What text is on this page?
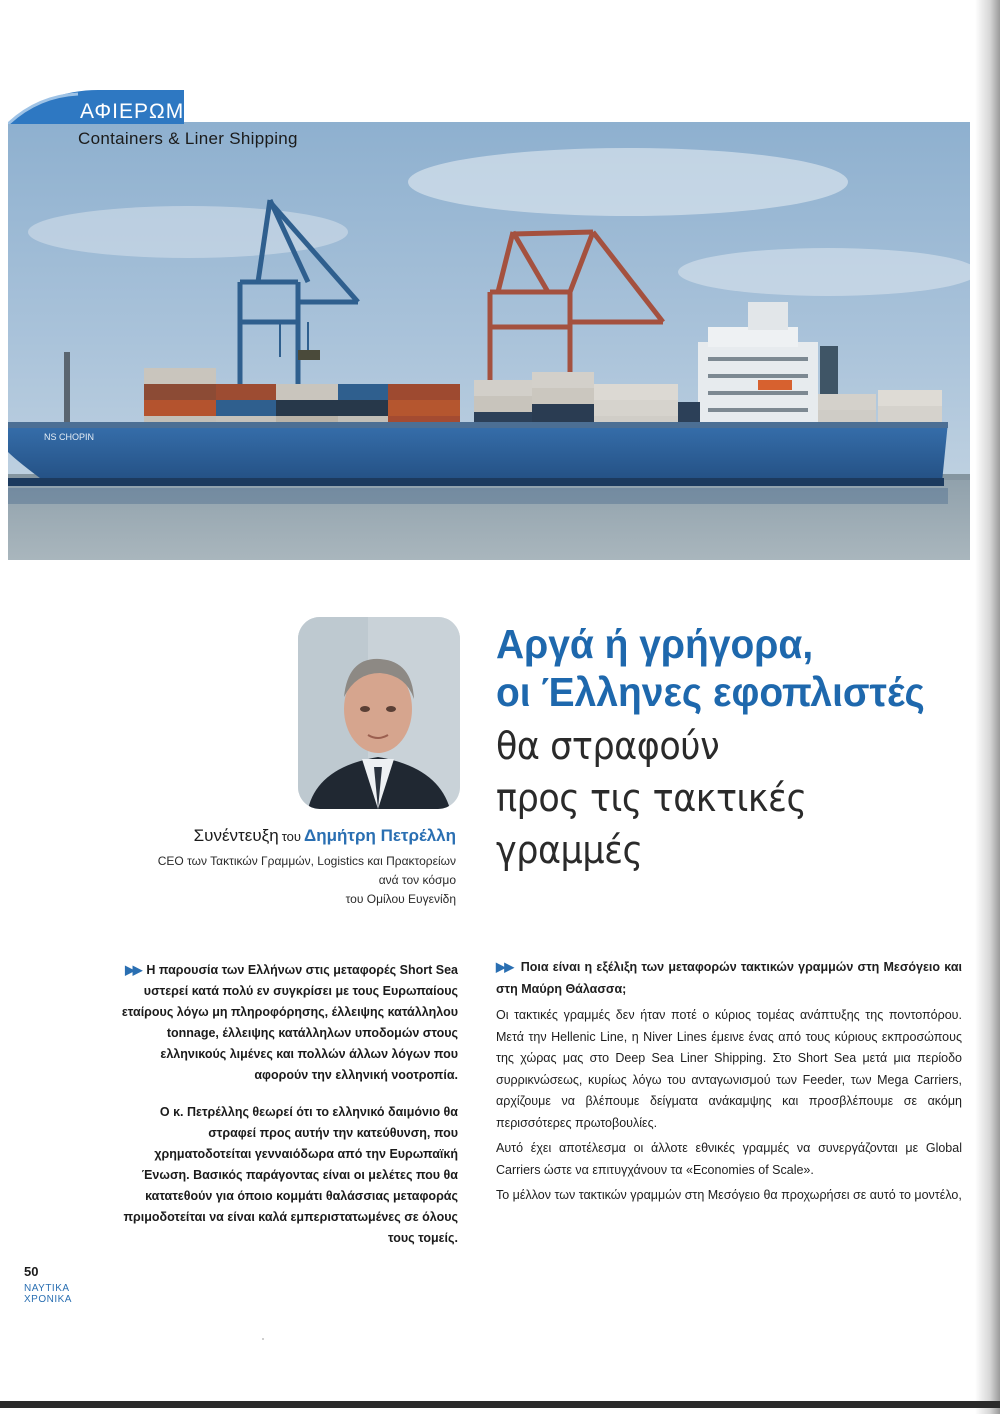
NS CHOPIN
ΑΦΙΕΡΩΜΑ
Containers & Liner Shipping
Συνέντευξη του Δημήτρη Πετρέλλη
CEO των Τακτικών Γραμμών, Logistics και Πρακτορείων ανά τον κόσμο
του Ομίλου Ευγενίδη
Αργά ή γρήγορα,
οι Έλληνες εφοπλιστές
θα στραφούν
προς τις τακτικές
γραμμές

▶▶ Η παρουσία των Ελλήνων στις μεταφορές Short Sea υστερεί κατά πολύ εν συγκρίσει με τους Ευρωπαίους εταίρους λόγω μη πληροφόρησης, έλλειψης κατάλληλου tonnage, έλλειψης κατάλληλων υποδομών στους ελληνικούς λιμένες και πολλών άλλων λόγων που αφορούν την ελληνική νοοτροπία.

Ο κ. Πετρέλλης θεωρεί ότι το ελληνικό δαιμόνιο θα στραφεί προς αυτήν την κατεύθυνση, που χρηματοδοτείται γενναιόδωρα από την Ευρωπαϊκή Ένωση. Βασικός παράγοντας είναι οι μελέτες που θα κατατεθούν για όποιο κομμάτι θαλάσσιας μεταφοράς πριμοδοτείται να είναι καλά εμπεριστατωμένες σε όλους τους τομείς.

▶▶ Ποια είναι η εξέλιξη των μεταφορών τακτικών γραμμών στη Μεσόγειο και στη Μαύρη Θάλασσα;

Οι τακτικές γραμμές δεν ήταν ποτέ ο κύριος τομέας ανάπτυξης της ποντοπόρου. Μετά την Hellenic Line, η Niver Lines έμεινε ένας από τους κύριους εκπροσώπους της χώρας μας στο Deep Sea Liner Shipping. Στο Short Sea μετά μια περίοδο συρρικνώσεως, κυρίως λόγω του ανταγωνισμού των Feeder, των Mega Carriers, αρχίζουμε να βλέπουμε δείγματα ανάκαμψης και προσβλέπουμε σε ακόμη περισσότερες πρωτοβουλίες.

Αυτό έχει αποτέλεσμα οι άλλοτε εθνικές γραμμές να συνεργάζονται με Global Carriers ώστε να επιτυγχάνουν τα «Economies of Scale».

Το μέλλον των τακτικών γραμμών στη Μεσόγειο θα προχωρήσει σε αυτό το μοντέλο,

50
ΝΑΥΤΙΚΑ
ΧΡΟΝΙΚΑ
